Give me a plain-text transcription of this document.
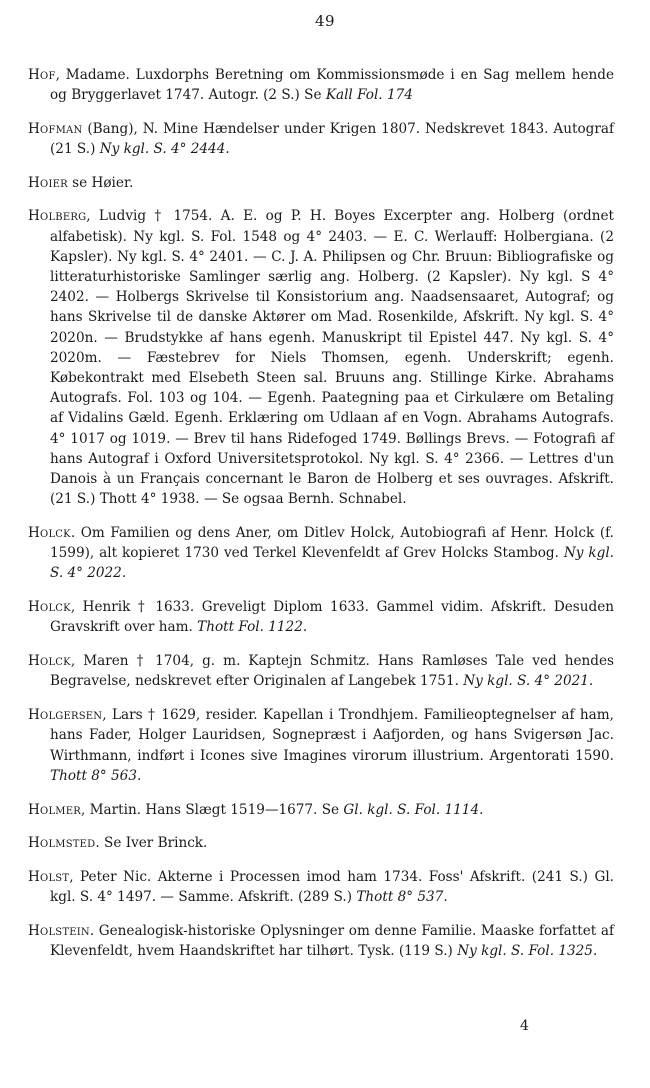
49

Hof, Madame. Luxdorphs Beretning om Kommissionsmøde i en Sag mellem hende og Bryggerlavet 1747. Autogr. (2 S.) Se Kall Fol. 174

Hofman (Bang), N. Mine Hændelser under Krigen 1807. Nedskrevet 1843. Autograf (21 S.) Ny kgl. S. 4° 2444.

Hoier se Høier.

Holberg, Ludvig † 1754. A. E. og P. H. Boyes Excerpter ang. Holberg (ordnet alfabetisk). Ny kgl. S. Fol. 1548 og 4° 2403. — E. C. Werlauff: Holbergiana. (2 Kapsler). Ny kgl. S. 4° 2401. — C. J. A. Philipsen og Chr. Bruun: Bibliografiske og litteraturhistoriske Samlinger særlig ang. Holberg. (2 Kapsler). Ny kgl. S 4° 2402. — Holbergs Skrivelse til Konsistorium ang. Naadsensaaret, Autograf; og hans Skrivelse til de danske Aktører om Mad. Rosenkilde, Afskrift. Ny kgl. S. 4° 2020n. — Brudstykke af hans egenh. Manuskript til Epistel 447. Ny kgl. S. 4° 2020m. — Fæstebrev for Niels Thomsen, egenh. Underskrift; egenh. Købekontrakt med Elsebeth Steen sal. Bruuns ang. Stillinge Kirke. Abrahams Autografs. Fol. 103 og 104. — Egenh. Paategning paa et Cirkulære om Betaling af Vidalins Gæld. Egenh. Erklæring om Udlaan af en Vogn. Abrahams Autografs. 4° 1017 og 1019. — Brev til hans Ridefoged 1749. Bøllings Brevs. — Fotografi af hans Autograf i Oxford Universitetsprotokol. Ny kgl. S. 4° 2366. — Lettres d'un Danois à un Français concernant le Baron de Holberg et ses ouvrages. Afskrift. (21 S.) Thott 4° 1938. — Se ogsaa Bernh. Schnabel.

Holck. Om Familien og dens Aner, om Ditlev Holck, Autobiografi af Henr. Holck (f. 1599), alt kopieret 1730 ved Terkel Klevenfeldt af Grev Holcks Stambog. Ny kgl. S. 4° 2022.

Holck, Henrik † 1633. Greveligt Diplom 1633. Gammel vidim. Afskrift. Desuden Gravskrift over ham. Thott Fol. 1122.

Holck, Maren † 1704, g. m. Kaptejn Schmitz. Hans Ramløses Tale ved hendes Begravelse, nedskrevet efter Originalen af Langebek 1751. Ny kgl. S. 4° 2021.

Holgersen, Lars † 1629, resider. Kapellan i Trondhjem. Familieoptegnelser af ham, hans Fader, Holger Lauridsen, Sognepræst i Aafjorden, og hans Svigersøn Jac. Wirthmann, indført i Icones sive Imagines virorum illustrium. Argentorati 1590. Thott 8° 563.

Holmer, Martin. Hans Slægt 1519—1677. Se Gl. kgl. S. Fol. 1114.

Holmsted. Se Iver Brinck.

Holst, Peter Nic. Akterne i Processen imod ham 1734. Foss' Afskrift. (241 S.) Gl. kgl. S. 4° 1497. — Samme. Afskrift. (289 S.) Thott 8° 537.

Holstein. Genealogisk-historiske Oplysninger om denne Familie. Maaske forfattet af Klevenfeldt, hvem Haandskriftet har tilhørt. Tysk. (119 S.) Ny kgl. S. Fol. 1325.

4
